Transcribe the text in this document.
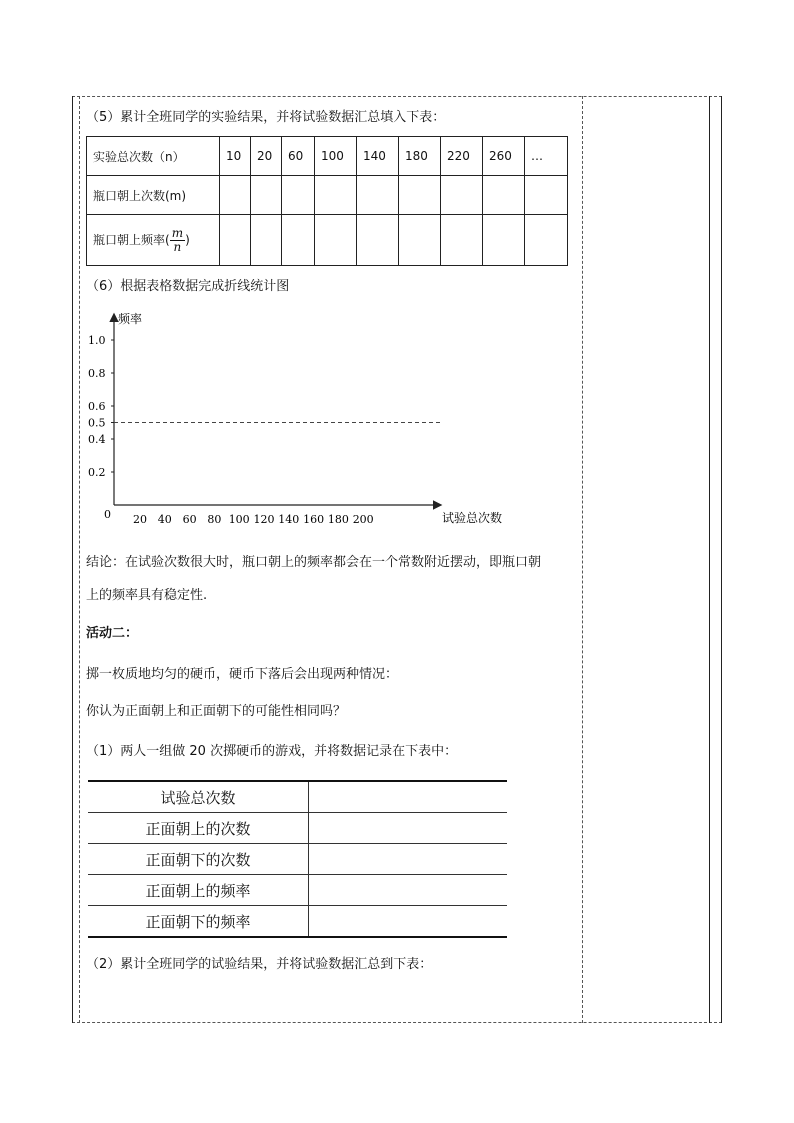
（5）累计全班同学的实验结果，并将试验数据汇总填入下表：
实验总次数（n）	10	20	60	100	140	180	220	260	…
瓶口朝上次数(m)									
瓶口朝上频率( $\frac{m}{n}$ )									
（6）根据表格数据完成折线统计图
频率
试验总次数
0
1.0
0.8
0.6
0.5
0.4
0.2
20 40 60 80 100 120 140 160 180 200
结论：在试验次数很大时，瓶口朝上的频率都会在一个常数附近摆动，即瓶口朝
上的频率具有稳定性.
活动二：
掷一枚质地均匀的硬币，硬币下落后会出现两种情况：
你认为正面朝上和正面朝下的可能性相同吗？
（1）两人一组做 20 次掷硬币的游戏，并将数据记录在下表中：
试验总次数	
正面朝上的次数	
正面朝下的次数	
正面朝上的频率	
正面朝下的频率	
（2）累计全班同学的试验结果，并将试验数据汇总到下表：
